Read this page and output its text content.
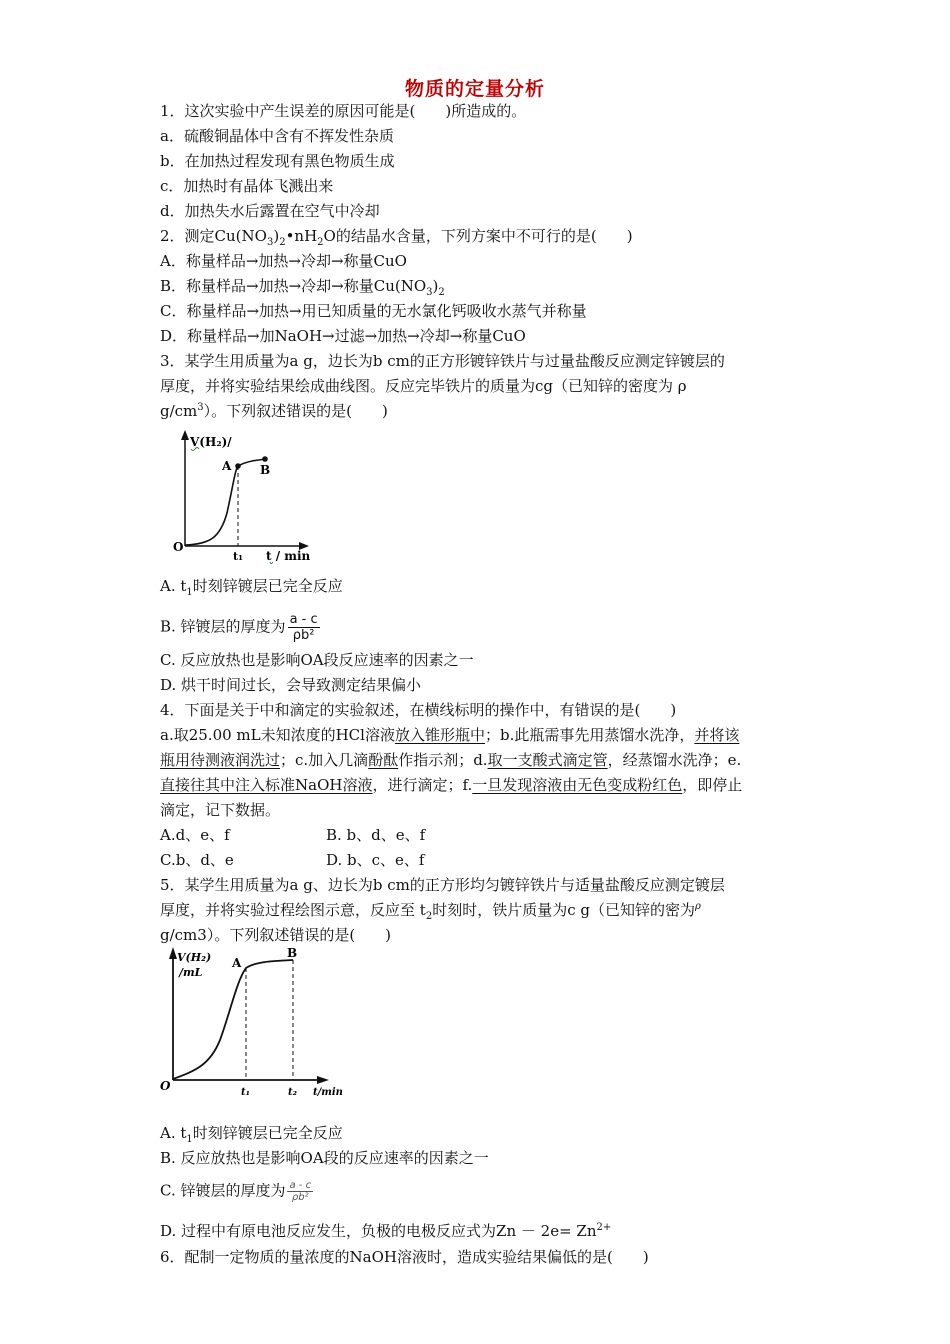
物质的定量分析
1．这次实验中产生误差的原因可能是(　　)所造成的。
a．硫酸铜晶体中含有不挥发性杂质
b．在加热过程发现有黑色物质生成
c．加热时有晶体飞溅出来
d．加热失水后露置在空气中冷却
2．测定$Cu(NO_3)_2•nH_2O$的结晶水含量，下列方案中不可行的是(　　)
A．称量样品→加热→冷却→称量CuO
B．称量样品→加热→冷却→称量$Cu(NO_3)_2$
C．称量样品→加热→用已知质量的无水氯化钙吸收水蒸气并称量
D．称量样品→加NaOH→过滤→加热→冷却→称量CuO
3．某学生用质量为a g，边长为b cm的正方形镀锌铁片与过量盐酸反应测定锌镀层的
厚度，并将实验结果绘成曲线图。反应完毕铁片的质量为cg（已知锌的密度为 ρ
$g/cm^3$）。下列叙述错误的是(　　)
V(H₂)/
A B
O
t₁ t / min
A. $t_1$时刻锌镀层已完全反应
B. 锌镀层的厚度为 $\frac{a - c}{\text{ρb²}}$
C. 反应放热也是影响OA段反应速率的因素之一
D. 烘干时间过长，会导致测定结果偏小
4．下面是关于中和滴定的实验叙述，在横线标明的操作中，有错误的是(　　)
a.取25.00 mL未知浓度的HCl溶液放入锥形瓶中；b.此瓶需事先用蒸馏水洗净，并将该
瓶用待测液润洗过；c.加入几滴酚酞作指示剂；d.取一支酸式滴定管，经蒸馏水洗净；e.
直接往其中注入标准NaOH溶液，进行滴定；f.一旦发现溶液由无色变成粉红色，即停止
滴定，记下数据。
A.d、e、f	B. b、d、e、f
C.b、d、e	D. b、c、e、f
5．某学生用质量为a g、边长为b cm的正方形均匀镀锌铁片与适量盐酸反应测定镀层
厚度，并将实验过程绘图示意，反应至 $t_2$时刻时，铁片质量为c g（已知锌的密为$^\rho$
g/cm3）。下列叙述错误的是(　　)
V(H₂)
/mL
A
B
O	t₁	t₂ t/min
A. $t_1$时刻锌镀层已完全反应
B. 反应放热也是影响OA段的反应速率的因素之一
C. 锌镀层的厚度为 $\frac{a - c}{\text{ρb²}}$
D. 过程中有原电池反应发生，负极的电极反应式为$Zn - 2e= Zn^{2+}$
6．配制一定物质的量浓度的NaOH溶液时，造成实验结果偏低的是(　　)
